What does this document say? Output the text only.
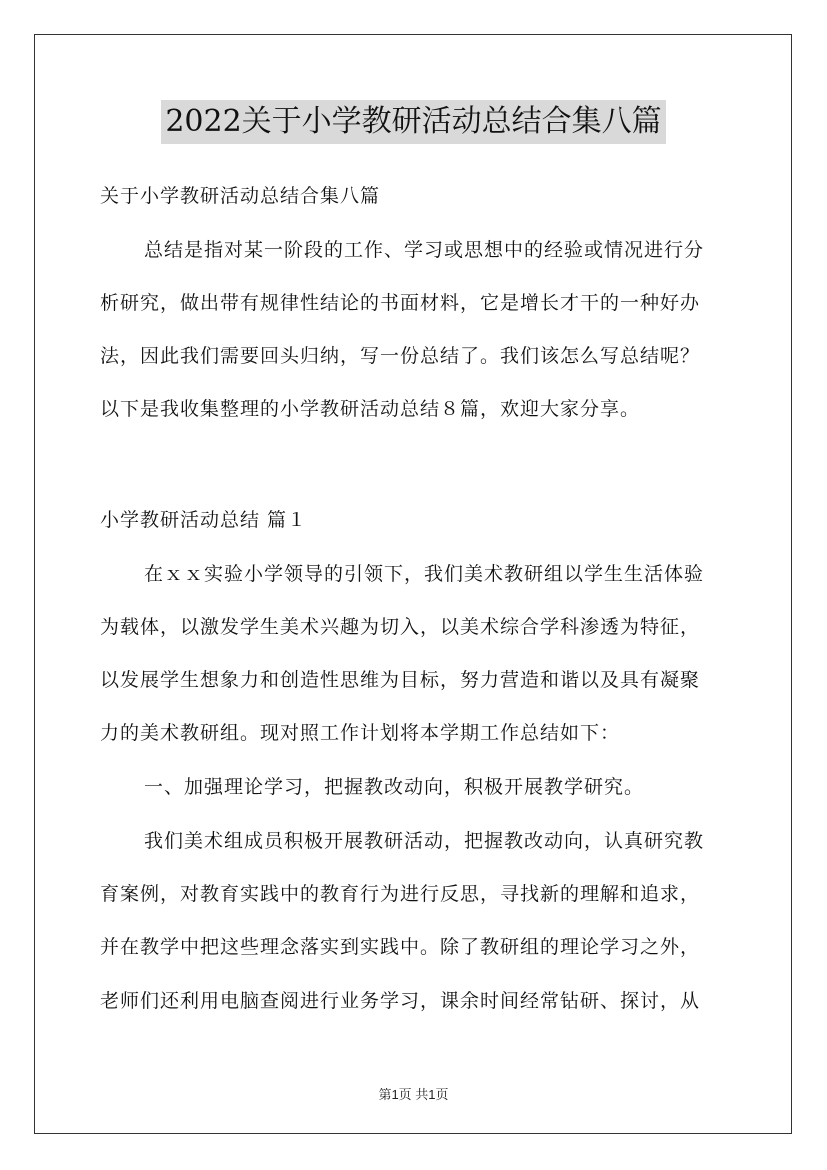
2022关于小学教研活动总结合集八篇
关于小学教研活动总结合集八篇
总结是指对某一阶段的工作、学习或思想中的经验或情况进行分
析研究，做出带有规律性结论的书面材料，它是增长才干的一种好办
法，因此我们需要回头归纳，写一份总结了。我们该怎么写总结呢？
以下是我收集整理的小学教研活动总结８篇，欢迎大家分享。
小学教研活动总结 篇１
在ｘｘ实验小学领导的引领下，我们美术教研组以学生生活体验
为载体，以激发学生美术兴趣为切入，以美术综合学科渗透为特征，
以发展学生想象力和创造性思维为目标，努力营造和谐以及具有凝聚
力的美术教研组。现对照工作计划将本学期工作总结如下：
一、加强理论学习，把握教改动向，积极开展教学研究。
我们美术组成员积极开展教研活动，把握教改动向，认真研究教
育案例，对教育实践中的教育行为进行反思，寻找新的理解和追求，
并在教学中把这些理念落实到实践中。除了教研组的理论学习之外，
老师们还利用电脑查阅进行业务学习，课余时间经常钻研、探讨，从
第1页 共1页
